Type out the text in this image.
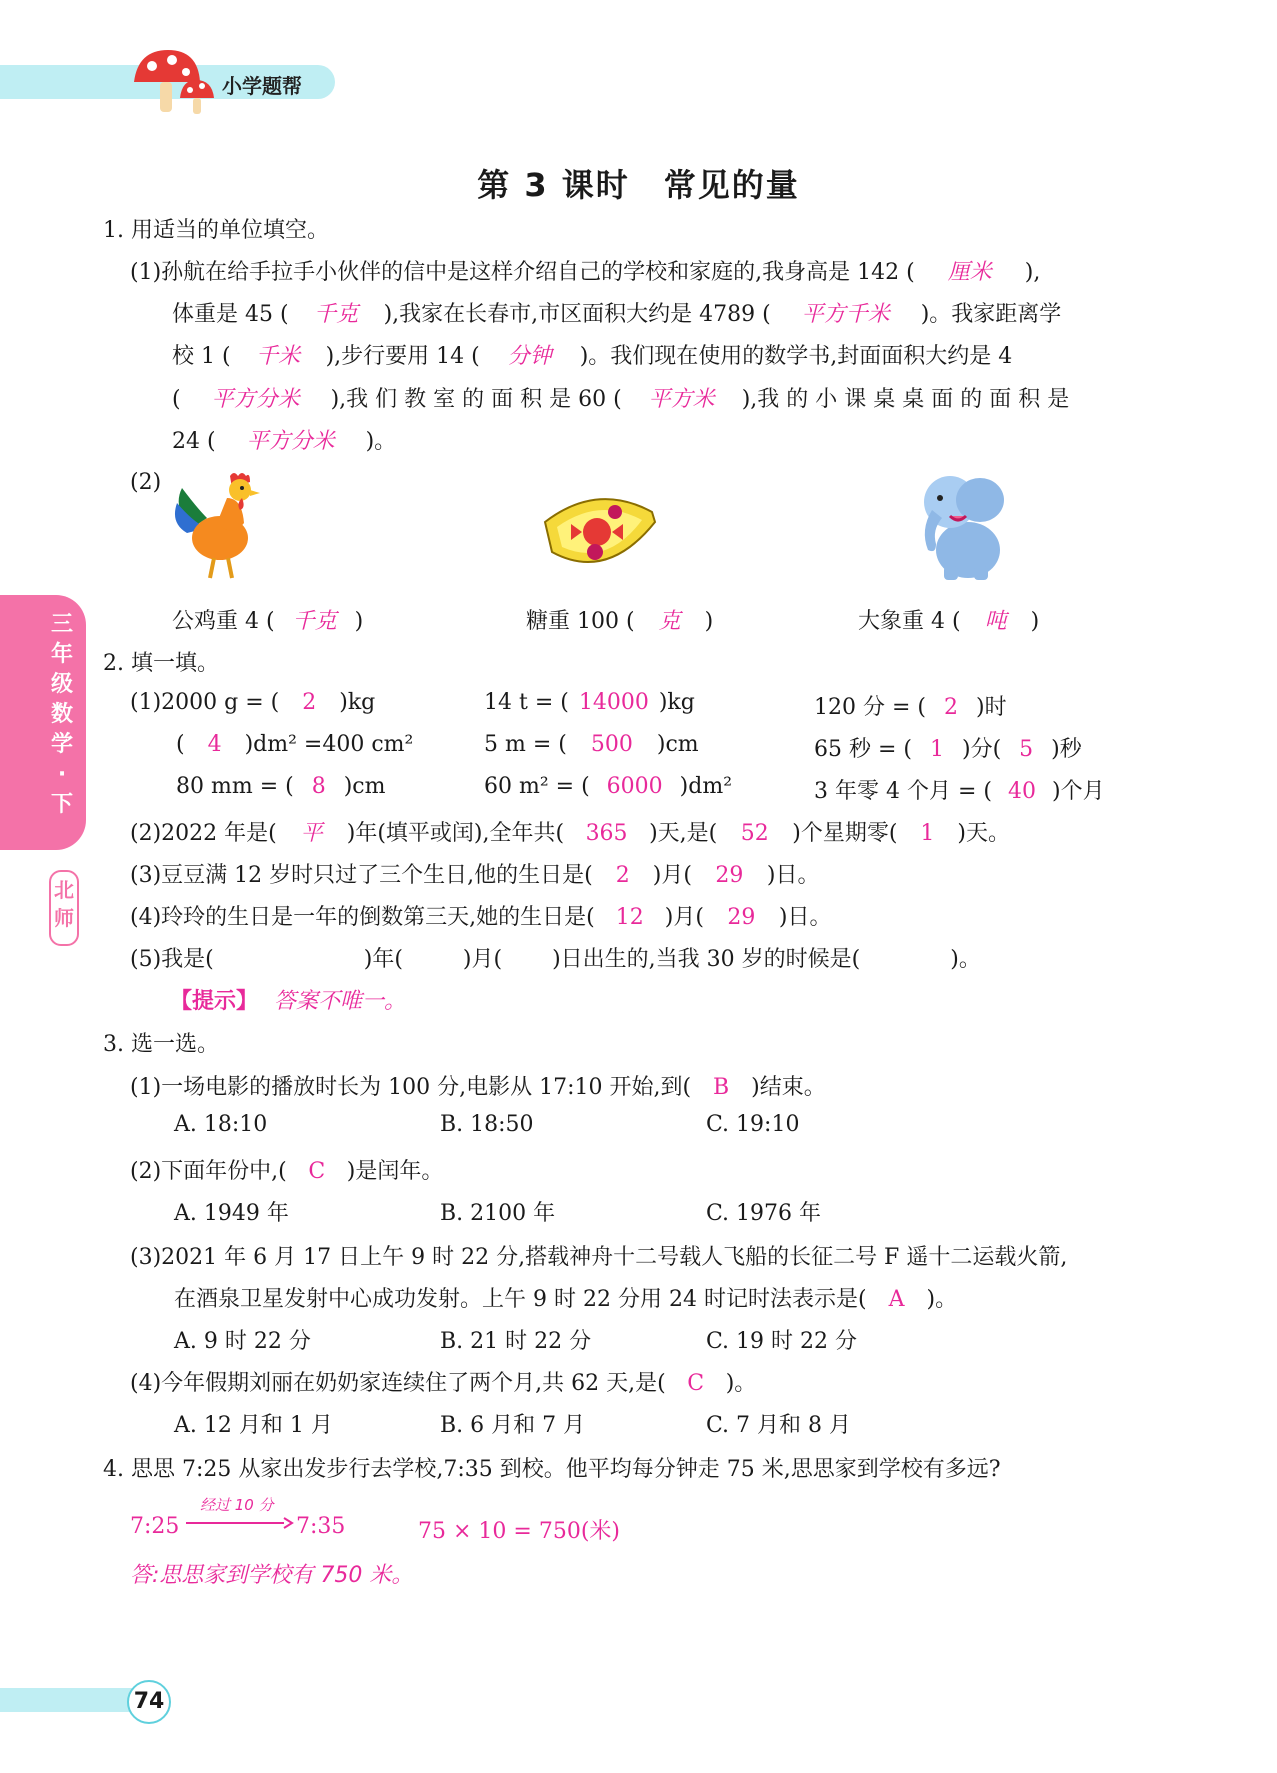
小学题帮
第 3 课时　常见的量
三年级数学·下
北师
1. 用适当的单位填空。
(1)孙航在给手拉手小伙伴的信中是这样介绍自己的学校和家庭的,我身高是 142 ( 厘米 ),
体重是 45 ( 千克 ),我家在长春市,市区面积大约是 4789 ( 平方千米 )。我家距离学
校 1 ( 千米 ),步行要用 14 ( 分钟 )。我们现在使用的数学书,封面面积大约是 4
( 平方分米 ),我 们 教 室 的 面 积 是 60 ( 平方米 ),我 的 小 课 桌 桌 面 的 面 积 是
24 ( 平方分米 )。
(2)
公鸡重 4 ( 千克 )	糖重 100 ( 克 )	大象重 4 ( 吨 )
2. 填一填。
(1)2000 g = ( 2 )kg	14 t = ( 14000 )kg	120 分 = ( 2 )时
( 4 )dm² =400 cm²	5 m = ( 500 )cm	65 秒 = ( 1 )分( 5 )秒
80 mm = ( 8 )cm	60 m² = ( 6000 )dm²	3 年零 4 个月 = ( 40 )个月
(2)2022 年是( 平 )年(填平或闰),全年共( 365 )天,是( 52 )个星期零( 1 )天。
(3)豆豆满 12 岁时只过了三个生日,他的生日是( 2 )月( 29 )日。
(4)玲玲的生日是一年的倒数第三天,她的生日是( 12 )月( 29 )日。
(5)我是(	)年(	)月( )日出生的,当我 30 岁的时候是(	)。
【提示】 答案不唯一。
3. 选一选。
(1)一场电影的播放时长为 100 分,电影从 17:10 开始,到( B )结束。
A. 18:10	B. 18:50	C. 19:10
(2)下面年份中,( C )是闰年。
A. 1949 年	B. 2100 年	C. 1976 年
(3)2021 年 6 月 17 日上午 9 时 22 分,搭载神舟十二号载人飞船的长征二号 F 遥十二运载火箭,
在酒泉卫星发射中心成功发射。上午 9 时 22 分用 24 时记时法表示是( A )。
A. 9 时 22 分	B. 21 时 22 分	C. 19 时 22 分
(4)今年假期刘丽在奶奶家连续住了两个月,共 62 天,是( C )。
A. 12 月和 1 月	B. 6 月和 7 月	C. 7 月和 8 月
4. 思思 7:25 从家出发步行去学校,7:35 到校。他平均每分钟走 75 米,思思家到学校有多远?
7:25
经过 10 分
7:35	75 × 10 = 750(米)
答:思思家到学校有 750 米。
74
